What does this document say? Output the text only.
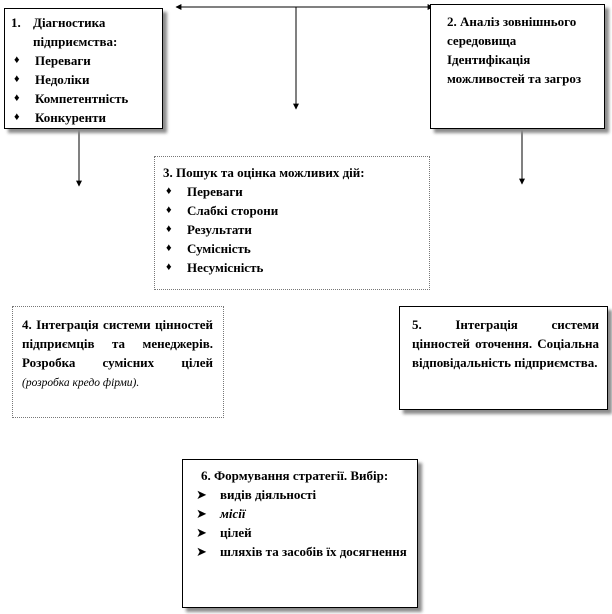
1. Діагностика підприємства:
♦ Переваги
♦ Недоліки
♦ Компетентність
♦ Конкуренти
2. Аналіз зовнішнього середовища Ідентифікація можливостей та загроз
3. Пошук та оцінка можливих дій:
♦ Переваги
♦ Слабкі сторони
♦ Результати
♦ Сумісність
♦ Несумісність
4. Інтеграція системи цінностей підприємців та менеджерів. Розробка сумісних цілей (розробка кредо фірми).
5. Інтеграція системи цінностей оточення. Соціальна відповідальність підприємства.
6. Формування стратегії. Вибір:
➤ видів діяльності
➤ місії
➤ цілей
➤ шляхів та засобів їх досягнення
